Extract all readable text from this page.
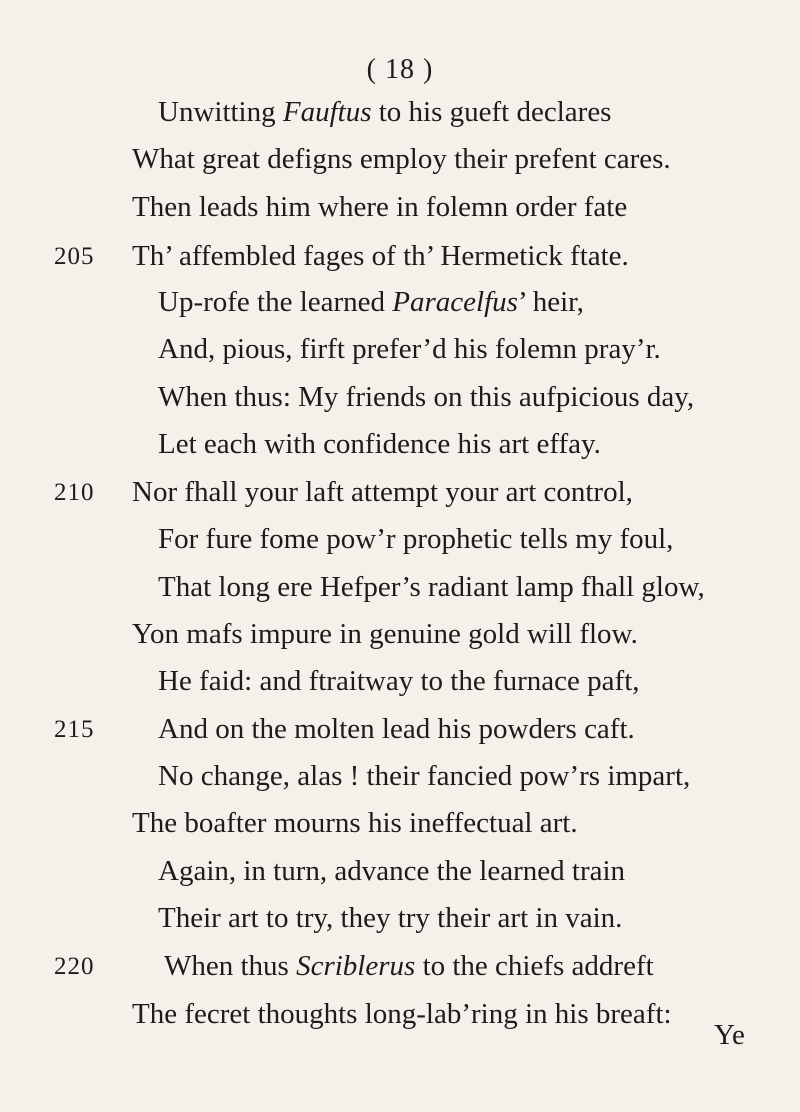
( 18 )
Unwitting Fauftus to his gueft declares
What great defigns employ their prefent cares.
Then leads him where in folemn order fate
205 Th’ affembled fages of th’ Hermetick ftate.
Up-rofe the learned Paracelfus’ heir,
And, pious, firft prefer’d his folemn pray’r.
When thus: My friends on this aufpicious day,
Let each with confidence his art effay.
210 Nor fhall your laft attempt your art control,
For fure fome pow’r prophetic tells my foul,
That long ere Hefper’s radiant lamp fhall glow,
Yon mafs impure in genuine gold will flow.
He faid: and ftraitway to the furnace paft,
215 And on the molten lead his powders caft.
No change, alas ! their fancied pow’rs impart,
The boafter mourns his ineffectual art.
Again, in turn, advance the learned train
Their art to try, they try their art in vain.
220 When thus Scriblerus to the chiefs addreft
The fecret thoughts long-lab’ring in his breaft:
Ye
